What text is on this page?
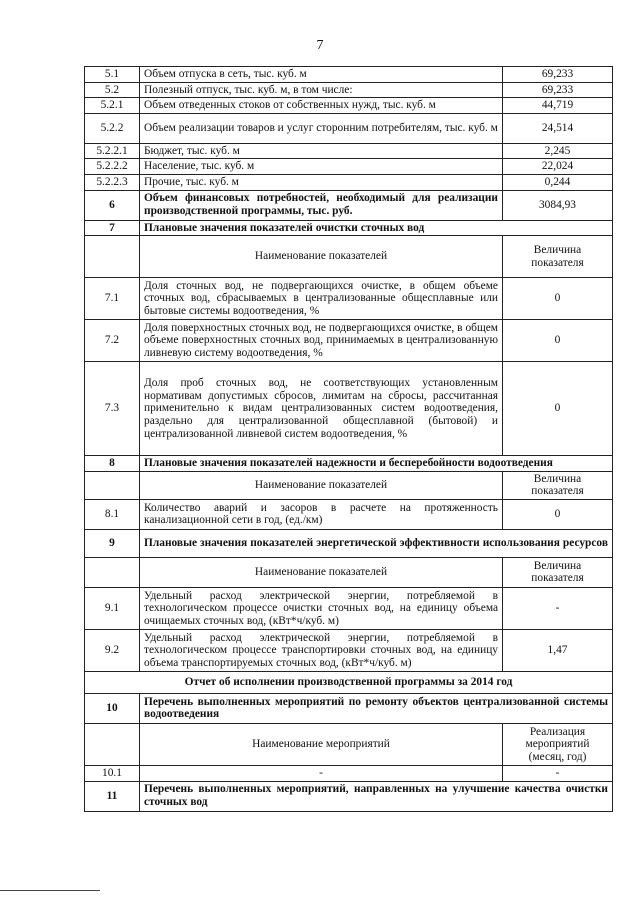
7
5.1	Объем отпуска в сеть, тыс. куб. м	69,233
5.2	Полезный отпуск, тыс. куб. м, в том числе:	69,233
5.2.1	Объем отведенных стоков от собственных нужд, тыс. куб. м	44,719
5.2.2	Объем реализации товаров и услуг сторонним потребителям, тыс. куб. м	24,514
5.2.2.1	Бюджет, тыс. куб. м	2,245
5.2.2.2	Население, тыс. куб. м	22,024
5.2.2.3	Прочие, тыс. куб. м	0,244
6	Объем финансовых потребностей, необходимый для реализации производственной программы, тыс. руб.	3084,93
7	Плановые значения показателей очистки сточных вод	
	Наименование показателей	Величина показателя
7.1	Доля сточных вод, не подвергающихся очистке, в общем объеме сточных вод, сбрасываемых в централизованные общесплавные или бытовые системы водоотведения, %	0
7.2	Доля поверхностных сточных вод, не подвергающихся очистке, в общем объеме поверхностных сточных вод, принимаемых в централизованную ливневую систему водоотведения, %	0
7.3	Доля проб сточных вод, не соответствующих установленным нормативам допустимых сбросов, лимитам на сбросы, рассчитанная применительно к видам централизованных систем водоотведения, раздельно для централизованной общесплавной (бытовой) и централизованной ливневой систем водоотведения, %	0
8	Плановые значения показателей надежности и бесперебойности водоотведения	
	Наименование показателей	Величина показателя
8.1	Количество аварий и засоров в расчете на протяженность канализационной сети в год, (ед./км)	0
9	Плановые значения показателей энергетической эффективности использования ресурсов	
	Наименование показателей	Величина показателя
9.1	Удельный расход электрической энергии, потребляемой в технологическом процессе очистки сточных вод, на единицу объема очищаемых сточных вод, (кВт*ч/куб. м)	-
9.2	Удельный расход электрической энергии, потребляемой в технологическом процессе транспортировки сточных вод, на единицу объема транспортируемых сточных вод, (кВт*ч/куб. м)	1,47
Отчет об исполнении производственной программы за 2014 год		
10	Перечень выполненных мероприятий по ремонту объектов централизованной системы водоотведения	
	Наименование мероприятий	Реализация мероприятий (месяц, год)
10.1	-	-
11	Перечень выполненных мероприятий, направленных на улучшение качества очистки сточных вод	
